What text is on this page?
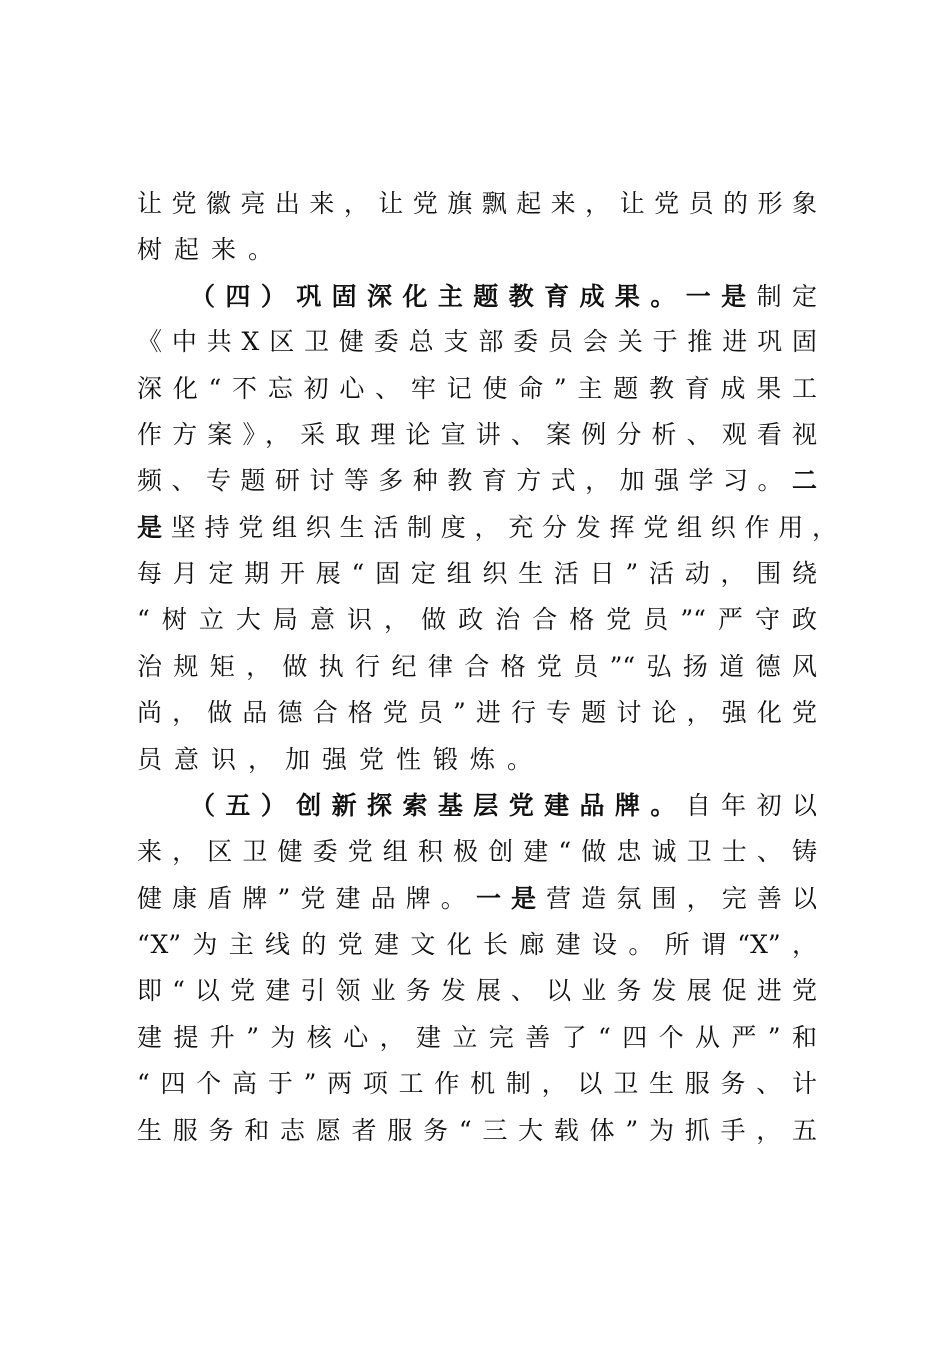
让党徽亮出来，让党旗飘起来，让党员的形象
树起来。
（四）巩固深化主题教育成果。一是制定
《中共X区卫健委总支部委员会关于推进巩固
深化“不忘初心、牢记使命”主题教育成果工
作方案》，采取理论宣讲、案例分析、观看视
频、专题研讨等多种教育方式，加强学习。二
是坚持党组织生活制度，充分发挥党组织作用，
每月定期开展“固定组织生活日”活动，围绕
“树立大局意识，做政治合格党员”“严守政
治规矩，做执行纪律合格党员”“弘扬道德风
尚，做品德合格党员”进行专题讨论，强化党
员意识，加强党性锻炼。
（五）创新探索基层党建品牌。自年初以
来，区卫健委党组积极创建“做忠诚卫士、铸
健康盾牌”党建品牌。一是营造氛围，完善以
“X”为主线的党建文化长廊建设。所谓“X”，
即“以党建引领业务发展、以业务发展促进党
建提升”为核心，建立完善了“四个从严”和
“四个高于”两项工作机制，以卫生服务、计
生服务和志愿者服务“三大载体”为抓手，五
